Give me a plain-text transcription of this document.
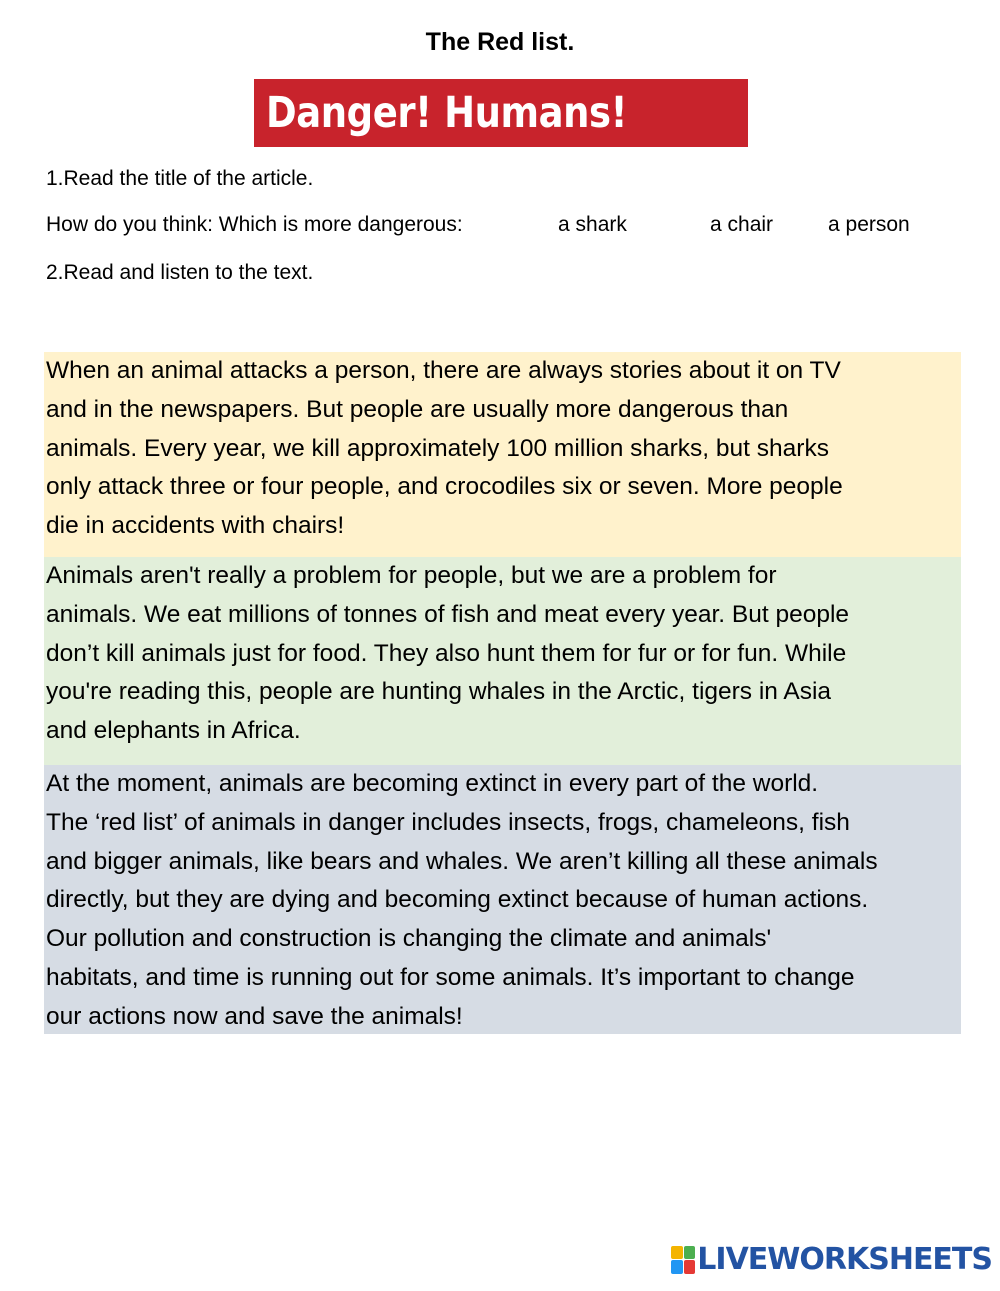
The Red list.
Danger! Humans!
1.Read the title of the article.
How do you think: Which is more dangerous:	a shark	a chair	a person
2.Read and listen to the text.
When an animal attacks a person, there are always stories about it on TV
and in the newspapers. But people are usually more dangerous than
animals. Every year, we kill approximately 100 million sharks, but sharks
only attack three or four people, and crocodiles six or seven. More people
die in accidents with chairs!
Animals aren't really a problem for people, but we are a problem for
animals. We eat millions of tonnes of fish and meat every year. But people
don’t kill animals just for food. They also hunt them for fur or for fun. While
you're reading this, people are hunting whales in the Arctic, tigers in Asia
and elephants in Africa.
At the moment, animals are becoming extinct in every part of the world.
The ‘red list’ of animals in danger includes insects, frogs, chameleons, fish
and bigger animals, like bears and whales. We aren’t killing all these animals
directly, but they are dying and becoming extinct because of human actions.
Our pollution and construction is changing the climate and animals'
habitats, and time is running out for some animals. It’s important to change
our actions now and save the animals!
LIVEWORKSHEETS
